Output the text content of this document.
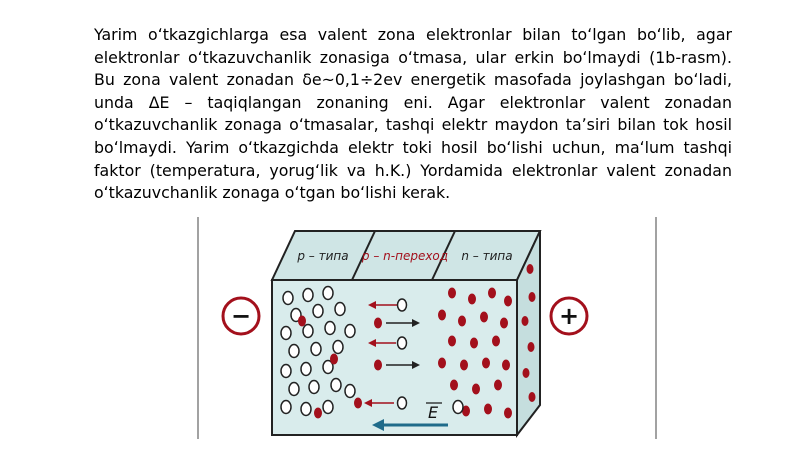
Yarim oʻtkazgichlarga esa valent zona elektronlar bilan toʻlgan boʻlib, agar elektronlar oʻtkazuvchanlik zonasiga oʻtmasa, ular erkin boʻlmaydi (1b-rasm). Bu zona valent zonadan δe~0,1÷2ev energetik masofada joylashgan boʻladi, unda ΔE – taqiqlangan zonaning eni. Agar elektronlar valent zonadan oʻtkazuvchanlik zonaga oʻtmasalar, tashqi elektr maydon taʼsiri bilan tok hosil boʻlmaydi. Yarim oʻtkazgichda elektr toki hosil boʻlishi uchun, maʻlum tashqi faktor (temperatura, yorugʻlik va h.K.) Yordamida elektronlar valent zonadan oʻtkazuvchanlik zonaga oʻtgan boʻlishi kerak.

−	+
p – типа p – n-переход n – типа
E
